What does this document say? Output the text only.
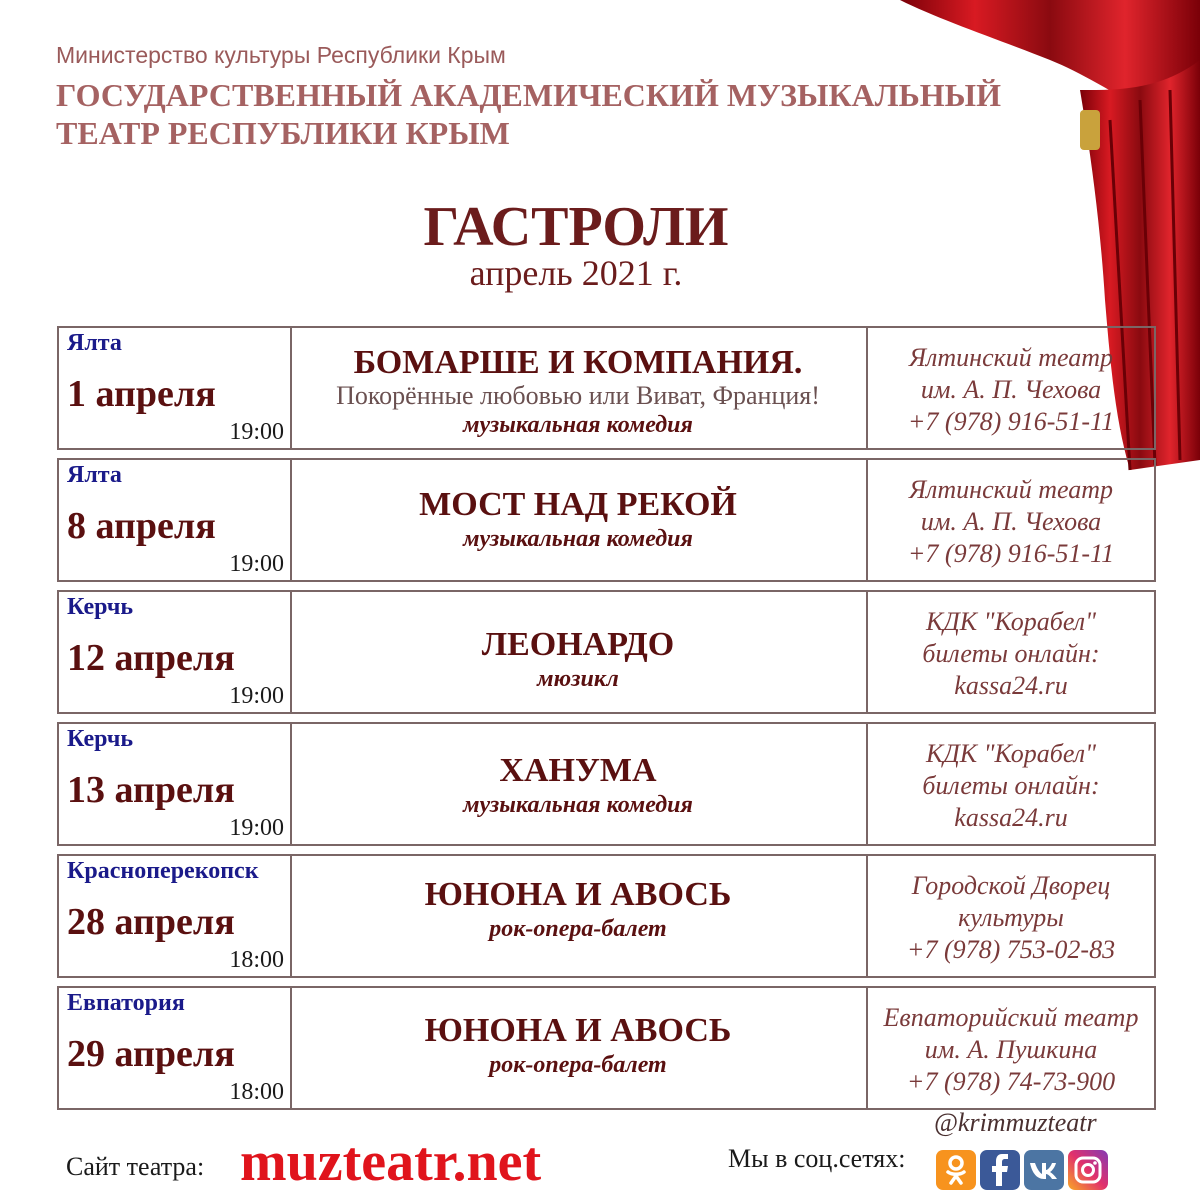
Министерство культуры Республики Крым
ГОСУДАРСТВЕННЫЙ АКАДЕМИЧЕСКИЙ МУЗЫКАЛЬНЫЙ ТЕАТР РЕСПУБЛИКИ КРЫМ
ГАСТРОЛИ
апрель 2021 г.
Ялта
1 апреля
19:00
БОМАРШЕ И КОМПАНИЯ.
Покорённые любовью или Виват, Франция!
музыкальная комедия
Ялтинский театр
им. А. П. Чехова
+7 (978) 916-51-11
Ялта
8 апреля
19:00
МОСТ НАД РЕКОЙ
музыкальная комедия
Ялтинский театр
им. А. П. Чехова
+7 (978) 916-51-11
Керчь
12 апреля
19:00
ЛЕОНАРДО
мюзикл
КДК "Корабел"
билеты онлайн:
kassa24.ru
Керчь
13 апреля
19:00
ХАНУМА
музыкальная комедия
КДК "Корабел"
билеты онлайн:
kassa24.ru
Красноперекопск
28 апреля
18:00
ЮНОНА И АВОСЬ
рок-опера-балет
Городской Дворец
культуры
+7 (978) 753-02-83
Евпатория
29 апреля
18:00
ЮНОНА И АВОСЬ
рок-опера-балет
Евпаторийский театр
им. А. Пушкина
+7 (978) 74-73-900
Сайт театра: muzteatr.net
@krimmuzteatr
Мы в соц.сетях:
